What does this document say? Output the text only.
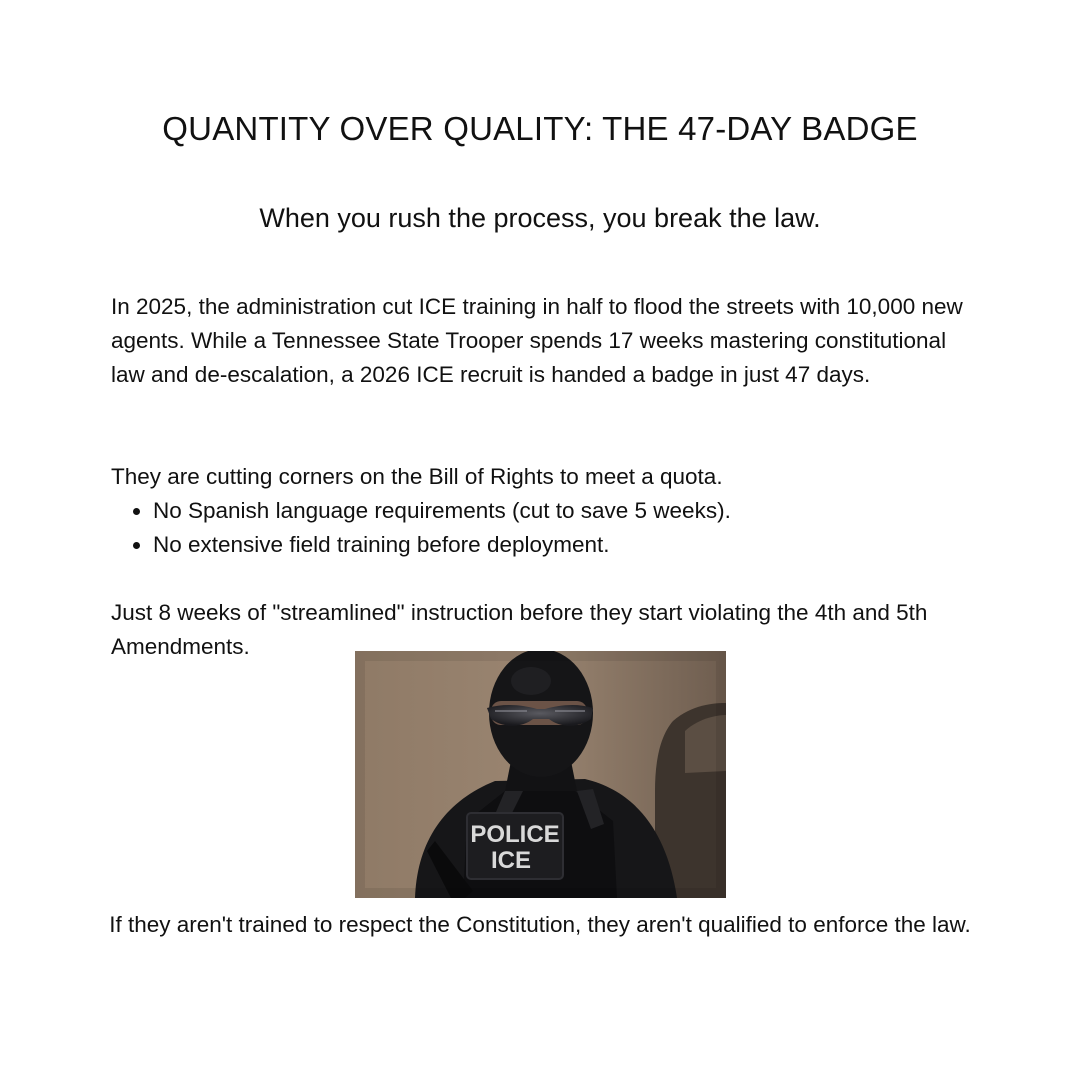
QUANTITY OVER QUALITY: THE 47-DAY BADGE
When you rush the process, you break the law.

In 2025, the administration cut ICE training in half to flood the streets with 10,000 new agents. While a Tennessee State Trooper spends 17 weeks mastering constitutional law and de-escalation, a 2026 ICE recruit is handed a badge in just 47 days.

They are cutting corners on the Bill of Rights to meet a quota.

• No Spanish language requirements (cut to save 5 weeks).
• No extensive field training before deployment.

Just 8 weeks of "streamlined" instruction before they start violating the 4th and 5th Amendments.

POLICE
ICE

If they aren't trained to respect the Constitution, they aren't qualified to enforce the law.
